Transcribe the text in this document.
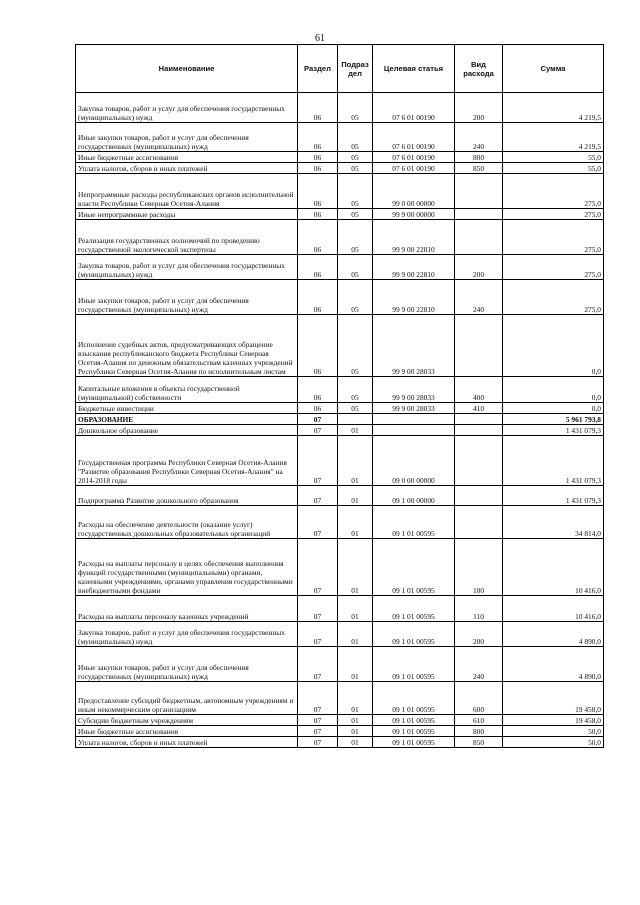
61
Наименование	Раздел	Подраз дел	Целевая статья	Вид расхода	Сумма
Закупка товаров, работ и услуг для обеспечения государственных (муниципальных) нужд	06	05	07 6 01 00190	200	4 219,5
Иные закупки товаров, работ и услуг для обеспечения государственных (муниципальных) нужд	06	05	07 6 01 00190	240	4 219,5
Иные бюджетные ассигнования	06	05	07 6 01 00190	800	55,0
Уплата налогов, сборов и иных платежей	06	05	07 6 01 00190	850	55,0
Непрограммные расходы республиканских органов исполнительной власти Республики Северная Осетия-Алания	06	05	99 0 00 00000		275,0
Иные непрограммные расходы	06	05	99 9 00 00000		275,0
Реализация государственных полномочий по проведению государственной экологической экспертизы	06	05	99 9 00 22810		275,0
Закупка товаров, работ и услуг для обеспечения государственных (муниципальных) нужд	06	05	99 9 00 22810	200	275,0
Иные закупки товаров, работ и услуг для обеспечения государственных (муниципальных) нужд	06	05	99 9 00 22810	240	275,0
Исполнение судебных актов, предусматривающих обращение взыскания республиканского бюджета Республики Северная Осетия-Алания по денежным обязательствам казенных учреждений Республики Северная Осетия-Алания по исполнительным листам	06	05	99 9 00 28033		0,0
Капитальные вложения в объекты государственной (муниципальной) собственности	06	05	99 9 00 28033	400	0,0
Бюджетные инвестиции	06	05	99 9 00 28033	410	0,0
ОБРАЗОВАНИЕ	07				5 961 793,8
Дошкольное образование	07	01			1 431 079,3
Государственная программа Республики Северная Осетия-Алания "Развитие образования Республики Северная Осетия-Алания" на 2014-2018 годы	07	01	09 0 00 00000		1 431 079,3
Подпрограмма Развитие дошкольного образования	07	01	09 1 00 00000		1 431 079,3
Расходы на обеспечение деятельности (оказание услуг) государственных дошкольных образовательных организаций	07	01	09 1 01 00595		34 814,0
Расходы на выплаты персоналу в целях обеспечения выполнения функций государственными (муниципальными) органами, казенными учреждениями, органами управления государственными внебюджетными фондами	07	01	09 1 01 00595	100	10 416,0
Расходы на выплаты персоналу казенных учреждений	07	01	09 1 01 00595	110	10 416,0
Закупка товаров, работ и услуг для обеспечения государственных (муниципальных) нужд	07	01	09 1 01 00595	200	4 890,0
Иные закупки товаров, работ и услуг для обеспечения государственных (муниципальных) нужд	07	01	09 1 01 00595	240	4 890,0
Предоставление субсидий бюджетным, автономным учреждениям и иным некоммерческим организациям	07	01	09 1 01 00595	600	19 458,0
Субсидии бюджетным учреждениям	07	01	09 1 01 00595	610	19 458,0
Иные бюджетные ассигнования	07	01	09 1 01 00595	800	50,0
Уплата налогов, сборов и иных платежей	07	01	09 1 01 00595	850	50,0
